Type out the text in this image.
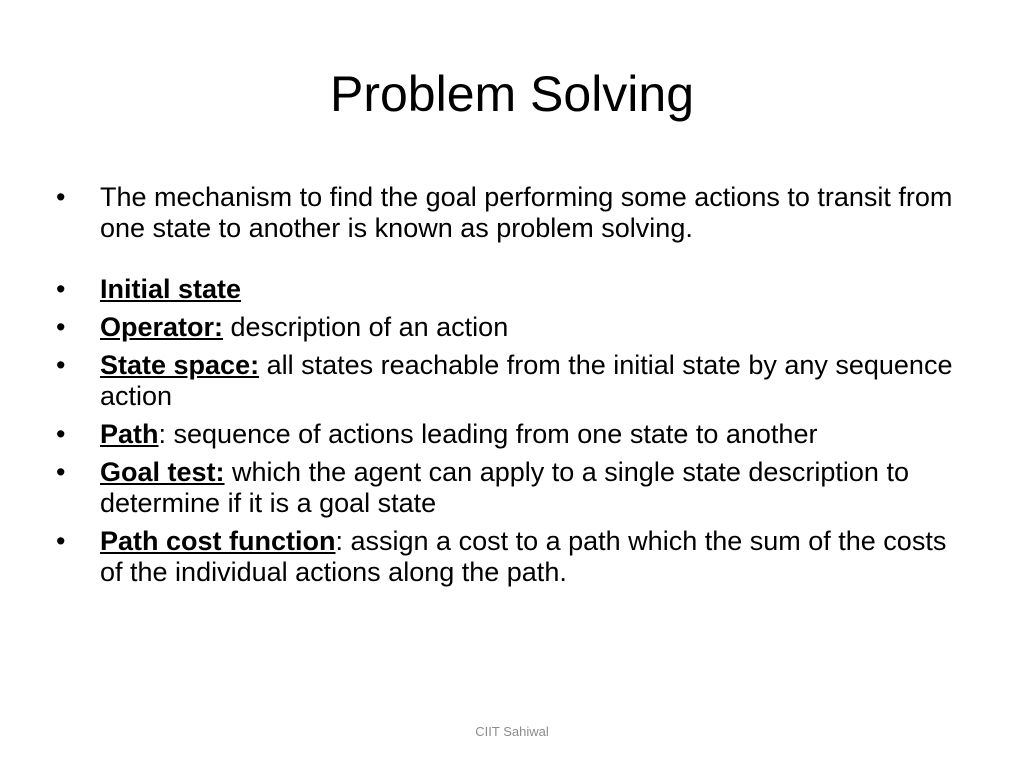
Problem Solving
•	The mechanism to find the goal performing some actions to transit from one state to another is known as problem solving.
•	Initial state
•	Operator: description of an action
•	State space: all states reachable from the initial state by any sequence action
•	Path: sequence of actions leading from one state to another
•	Goal test: which the agent can apply to a single state description to determine if it is a goal state
•	Path cost function: assign a cost to a path which the sum of the costs of the individual actions along the path.
CIIT Sahiwal
